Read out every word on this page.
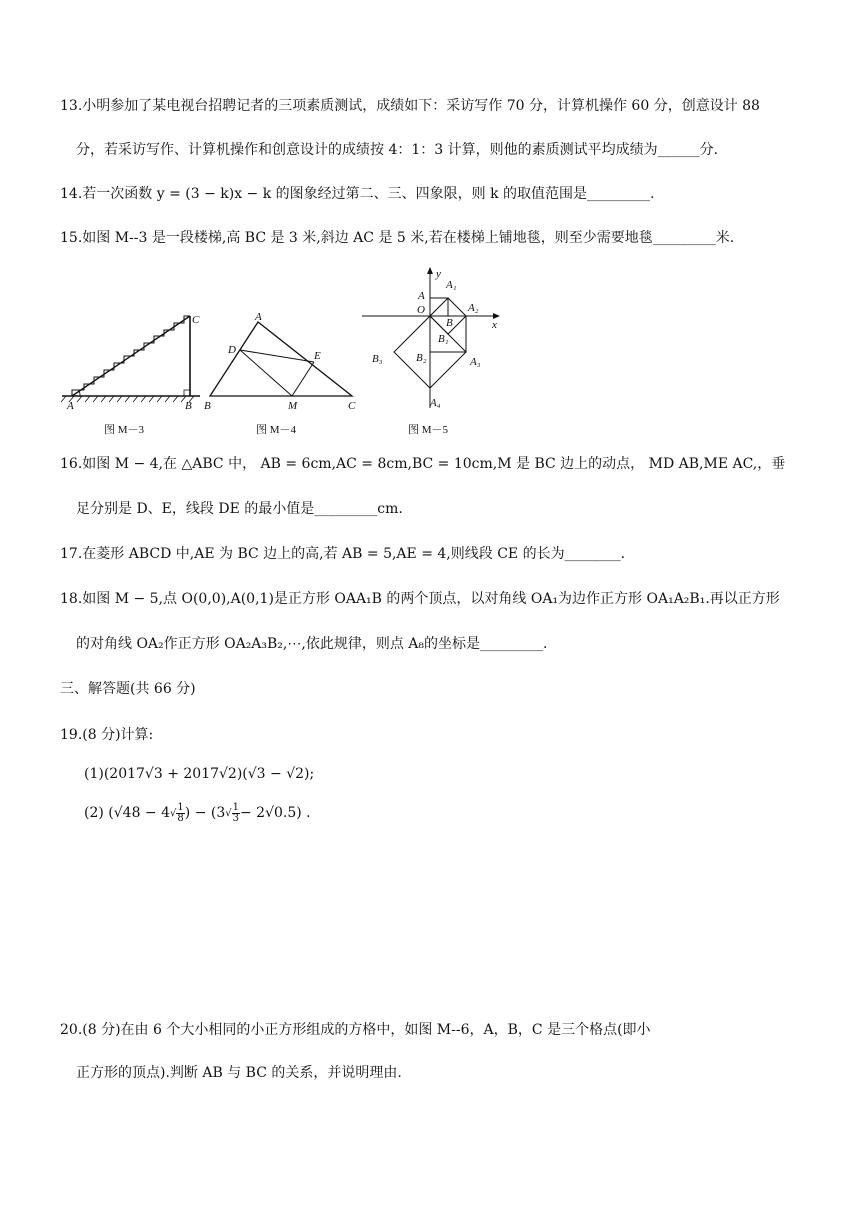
13.小明参加了某电视台招聘记者的三项素质测试，成绩如下：采访写作 70 分，计算机操作 60 分，创意设计 88
分，若采访写作、计算机操作和创意设计的成绩按 4：1：3 计算，则他的素质测试平均成绩为______分.
14.若一次函数 y = (3 − k)x − k 的图象经过第二、三、四象限，则 k 的取值范围是_________.
15.如图 M--3 是一段楼梯,高 BC 是 3 米,斜边 AC 是 5 米,若在楼梯上铺地毯，则至少需要地毯_________米.
C
A	B
图 M－3
A
D	E
B	M	C
图 M－4
y
x
A
O
A₁
A₂
B
B₁
B₂	A₃
B₃
A₄
图 M－5
16.如图 M − 4,在 △ABC 中， AB = 6cm,AC = 8cm,BC = 10cm,M 是 BC 边上的动点， MD AB,ME AC,，垂
足分别是 D、E，线段 DE 的最小值是_________cm.
17.在菱形 ABCD 中,AE 为 BC 边上的高,若 AB = 5,AE = 4,则线段 CE 的长为________.
18.如图 M − 5,点 O(0,0),A(0,1)是正方形 OAA₁B 的两个顶点，以对角线 OA₁为边作正方形 OA₁A₂B₁.再以正方形
的对角线 OA₂作正方形 OA₂A₃B₂,⋯,依此规律，则点 A₈的坐标是_________.
三、解答题(共 66 分)
19.(8 分)计算:
(1)(2017√3 + 2017√2)(√3 − √2);
(2) ($√48 - 4√ \frac{1}{8}$ ) − $(3√ \frac{1}{3} - 2√0.5)$ .
20.(8 分)在由 6 个大小相同的小正方形组成的方格中，如图 M--6，A，B，C 是三个格点(即小
正方形的顶点).判断 AB 与 BC 的关系，并说明理由.
